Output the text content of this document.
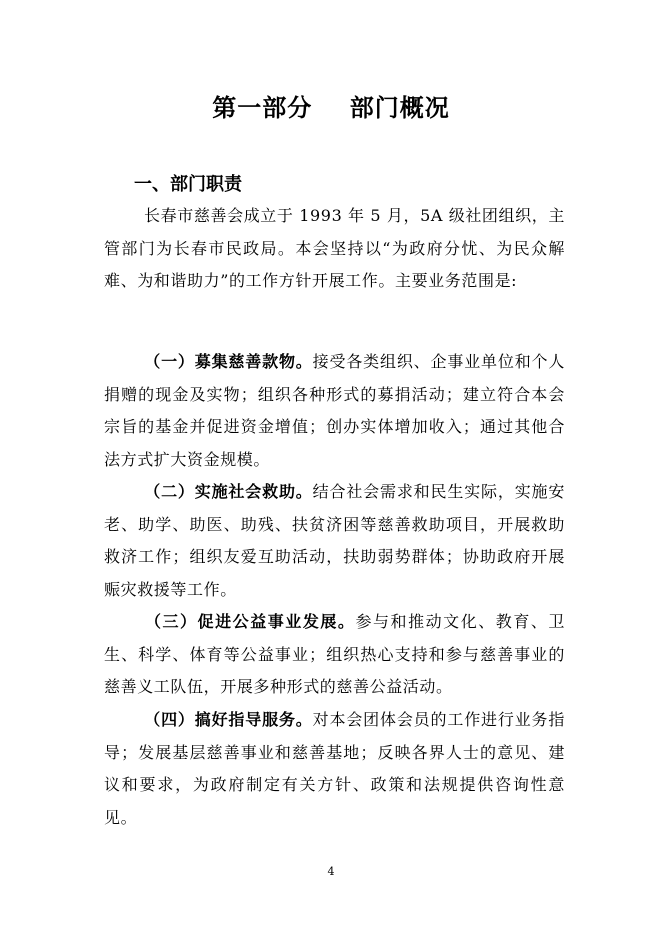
第一部分    部门概况
一、部门职责

长春市慈善会成立于 1993 年 5 月，5A 级社团组织，主管部门为长春市民政局。本会坚持以“为政府分忧、为民众解难、为和谐助力”的工作方针开展工作。主要业务范围是:

（一）募集慈善款物。接受各类组织、企事业单位和个人捐赠的现金及实物；组织各种形式的募捐活动；建立符合本会宗旨的基金并促进资金增值；创办实体增加收入；通过其他合法方式扩大资金规模。

（二）实施社会救助。结合社会需求和民生实际，实施安老、助学、助医、助残、扶贫济困等慈善救助项目，开展救助救济工作；组织友爱互助活动，扶助弱势群体；协助政府开展赈灾救援等工作。

（三）促进公益事业发展。参与和推动文化、教育、卫生、科学、体育等公益事业；组织热心支持和参与慈善事业的慈善义工队伍，开展多种形式的慈善公益活动。

（四）搞好指导服务。对本会团体会员的工作进行业务指导；发展基层慈善事业和慈善基地；反映各界人士的意见、建议和要求，为政府制定有关方针、政策和法规提供咨询性意见。

4
